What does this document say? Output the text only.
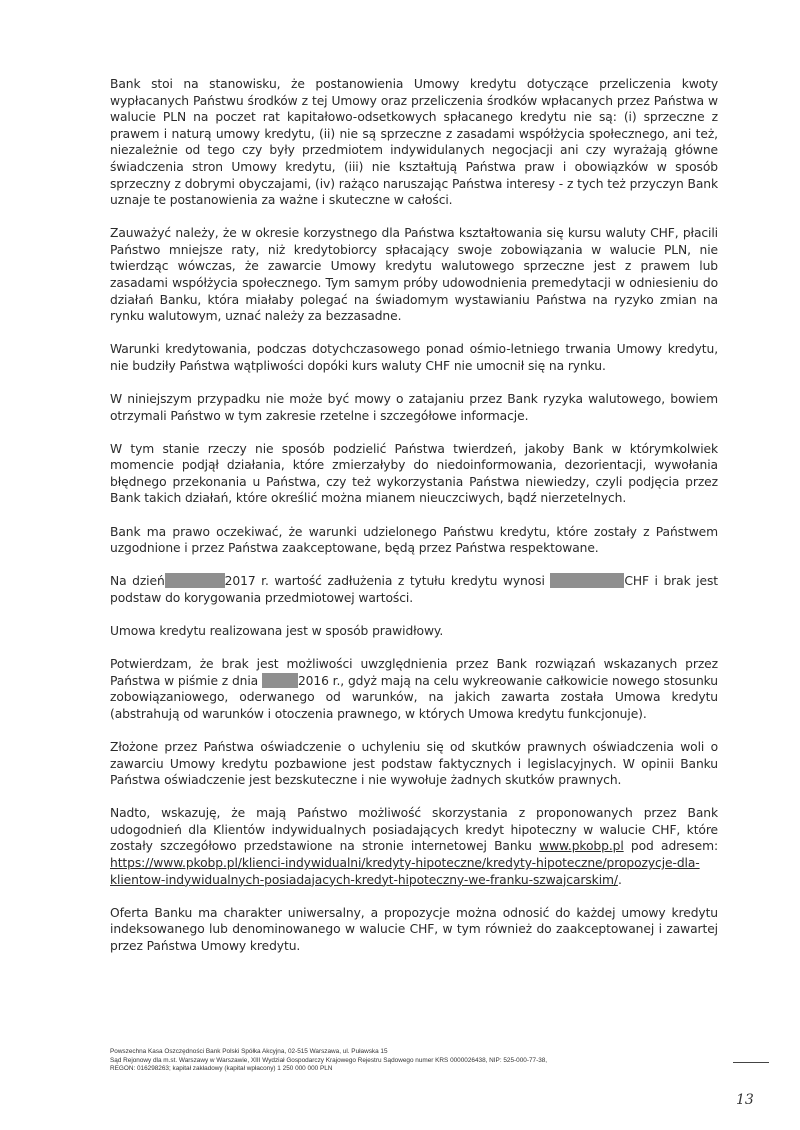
Bank stoi na stanowisku, że postanowienia Umowy kredytu dotyczące przeliczenia kwoty wypłacanych Państwu środków z tej Umowy oraz przeliczenia środków wpłacanych przez Państwa w walucie PLN na poczet rat kapitałowo-odsetkowych spłacanego kredytu nie są: (i) sprzeczne z prawem i naturą umowy kredytu, (ii) nie są sprzeczne z zasadami współżycia społecznego, ani też, niezależnie od tego czy były przedmiotem indywidulanych negocjacji ani czy wyrażają główne świadczenia stron Umowy kredytu, (iii) nie kształtują Państwa praw i obowiązków w sposób sprzeczny z dobrymi obyczajami, (iv) rażąco naruszając Państwa interesy - z tych też przyczyn Bank uznaje te postanowienia za ważne i skuteczne w całości.

Zauważyć należy, że w okresie korzystnego dla Państwa kształtowania się kursu waluty CHF, płacili Państwo mniejsze raty, niż kredytobiorcy spłacający swoje zobowiązania w walucie PLN, nie twierdząc wówczas, że zawarcie Umowy kredytu walutowego sprzeczne jest z prawem lub zasadami współżycia społecznego. Tym samym próby udowodnienia premedytacji w odniesieniu do działań Banku, która miałaby polegać na świadomym wystawianiu Państwa na ryzyko zmian na rynku walutowym, uznać należy za bezzasadne.

Warunki kredytowania, podczas dotychczasowego ponad ośmio-letniego trwania Umowy kredytu, nie budziły Państwa wątpliwości dopóki kurs waluty CHF nie umocnił się na rynku.

W niniejszym przypadku nie może być mowy o zatajaniu przez Bank ryzyka walutowego, bowiem otrzymali Państwo w tym zakresie rzetelne i szczegółowe informacje.

W tym stanie rzeczy nie sposób podzielić Państwa twierdzeń, jakoby Bank w którymkolwiek momencie podjął działania, które zmierzałyby do niedoinformowania, dezorientacji, wywołania błędnego przekonania u Państwa, czy też wykorzystania Państwa niewiedzy, czyli podjęcia przez Bank takich działań, które określić można mianem nieuczciwych, bądź nierzetelnych.

Bank ma prawo oczekiwać, że warunki udzielonego Państwu kredytu, które zostały z Państwem uzgodnione i przez Państwa zaakceptowane, będą przez Państwa respektowane.

Na dzień	2017 r. wartość zadłużenia z tytułu kredytu wynosi	CHF i brak jest podstaw do korygowania przedmiotowej wartości.

Umowa kredytu realizowana jest w sposób prawidłowy.

Potwierdzam, że brak jest możliwości uwzględnienia przez Bank rozwiązań wskazanych przez Państwa w piśmie z dnia	2016 r., gdyż mają na celu wykreowanie całkowicie nowego stosunku zobowiązaniowego, oderwanego od warunków, na jakich zawarta została Umowa kredytu (abstrahują od warunków i otoczenia prawnego, w których Umowa kredytu funkcjonuje).

Złożone przez Państwa oświadczenie o uchyleniu się od skutków prawnych oświadczenia woli o zawarciu Umowy kredytu pozbawione jest podstaw faktycznych i legislacyjnych. W opinii Banku Państwa oświadczenie jest bezskuteczne i nie wywołuje żadnych skutków prawnych.

Nadto, wskazuję, że mają Państwo możliwość skorzystania z proponowanych przez Bank udogodnień dla Klientów indywidualnych posiadających kredyt hipoteczny w walucie CHF, które zostały szczegółowo przedstawione na stronie internetowej Banku www.pkobp.pl pod adresem: https://www.pkobp.pl/klienci-indywidualni/kredyty-hipoteczne/kredyty-hipoteczne/propozycje-dla-klientow-indywidualnych-posiadajacych-kredyt-hipoteczny-we-franku-szwajcarskim/.

Oferta Banku ma charakter uniwersalny, a propozycje można odnosić do każdej umowy kredytu indeksowanego lub denominowanego w walucie CHF, w tym również do zaakceptowanej i zawartej przez Państwa Umowy kredytu.

Powszechna Kasa Oszczędności Bank Polski Spółka Akcyjna, 02-515 Warszawa, ul. Puławska 15
Sąd Rejonowy dla m.st. Warszawy w Warszawie, XIII Wydział Gospodarczy Krajowego Rejestru Sądowego numer KRS 0000026438, NIP: 525-000-77-38,
REGON: 016298263; kapitał zakładowy (kapitał wpłacony) 1 250 000 000 PLN
13
